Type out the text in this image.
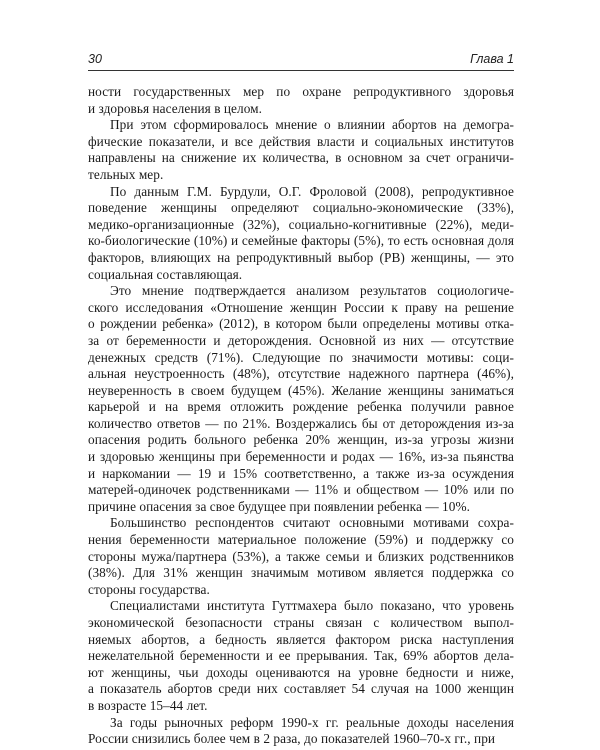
30	Глава 1

ности государственных мер по охране репродуктивного здоровья
и здоровья населения в целом.

При этом сформировалось мнение о влиянии абортов на демогра-
фические показатели, и все действия власти и социальных институтов
направлены на снижение их количества, в основном за счет ограничи-
тельных мер.

По данным Г.М. Бурдули, О.Г. Фроловой (2008), репродуктивное
поведение женщины определяют социально-экономические (33%),
медико-организационные (32%), социально-когнитивные (22%), меди-
ко-биологические (10%) и семейные факторы (5%), то есть основная доля
факторов, влияющих на репродуктивный выбор (РВ) женщины, — это
социальная составляющая.

Это мнение подтверждается анализом результатов социологиче-
ского исследования «Отношение женщин России к праву на решение
о рождении ребенка» (2012), в котором были определены мотивы отка-
за от беременности и деторождения. Основной из них — отсутствие
денежных средств (71%). Следующие по значимости мотивы: соци-
альная неустроенность (48%), отсутствие надежного партнера (46%),
неуверенность в своем будущем (45%). Желание женщины заниматься
карьерой и на время отложить рождение ребенка получили равное
количество ответов — по 21%. Воздержались бы от деторождения из-за
опасения родить больного ребенка 20% женщин, из-за угрозы жизни
и здоровью женщины при беременности и родах — 16%, из-за пьянства
и наркомании — 19 и 15% соответственно, а также из-за осуждения
матерей-одиночек родственниками — 11% и обществом — 10% или по
причине опасения за свое будущее при появлении ребенка — 10%.

Большинство респондентов считают основными мотивами сохра-
нения беременности материальное положение (59%) и поддержку со
стороны мужа/партнера (53%), а также семьи и близких родственников
(38%). Для 31% женщин значимым мотивом является поддержка со
стороны государства.

Специалистами института Гуттмахера было показано, что уровень
экономической безопасности страны связан с количеством выпол-
няемых абортов, а бедность является фактором риска наступления
нежелательной беременности и ее прерывания. Так, 69% абортов дела-
ют женщины, чьи доходы оцениваются на уровне бедности и ниже,
а показатель абортов среди них составляет 54 случая на 1000 женщин
в возрасте 15–44 лет.

За годы рыночных реформ 1990-х гг. реальные доходы населения
России снизились более чем в 2 раза, до показателей 1960–70-х гг., при
